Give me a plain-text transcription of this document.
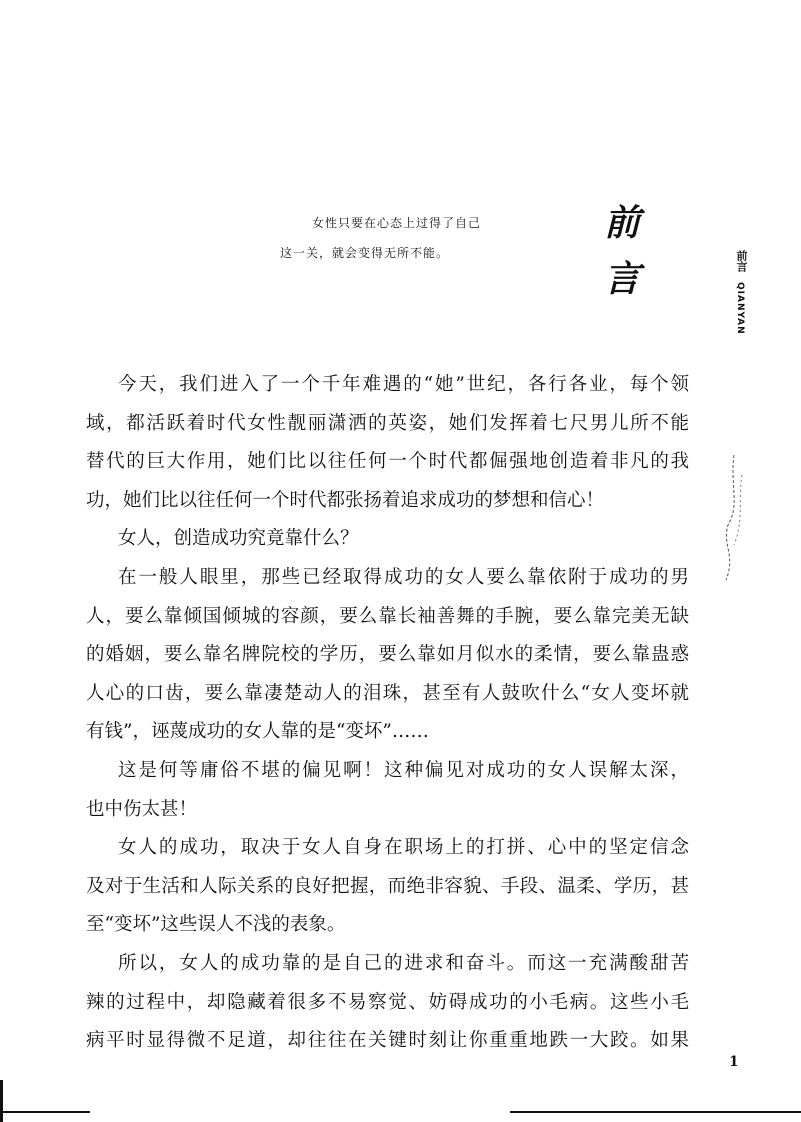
女性只要在心态上过得了自己
这一关，就会变得无所不能。
前
言	前言
QIANYAN
今天，我们进入了一个千年难遇的“她”世纪，各行各业，每个领
域，都活跃着时代女性靓丽潇洒的英姿，她们发挥着七尺男儿所不能
替代的巨大作用，她们比以往任何一个时代都倔强地创造着非凡的我
功，她们比以往任何一个时代都张扬着追求成功的梦想和信心！
女人，创造成功究竟靠什么？
在一般人眼里，那些已经取得成功的女人要么靠依附于成功的男
人，要么靠倾国倾城的容颜，要么靠长袖善舞的手腕，要么靠完美无缺
的婚姻，要么靠名牌院校的学历，要么靠如月似水的柔情，要么靠蛊惑
人心的口齿，要么靠凄楚动人的泪珠，甚至有人鼓吹什么“女人变坏就
有钱”，诬蔑成功的女人靠的是“变坏”……
这是何等庸俗不堪的偏见啊！这种偏见对成功的女人误解太深，
也中伤太甚！
女人的成功，取决于女人自身在职场上的打拼、心中的坚定信念
及对于生活和人际关系的良好把握，而绝非容貌、手段、温柔、学历，甚
至“变坏”这些误人不浅的表象。
所以，女人的成功靠的是自己的进求和奋斗。而这一充满酸甜苦
辣的过程中，却隐藏着很多不易察觉、妨碍成功的小毛病。这些小毛
病平时显得微不足道，却往往在关键时刻让你重重地跌一大跤。如果
1
